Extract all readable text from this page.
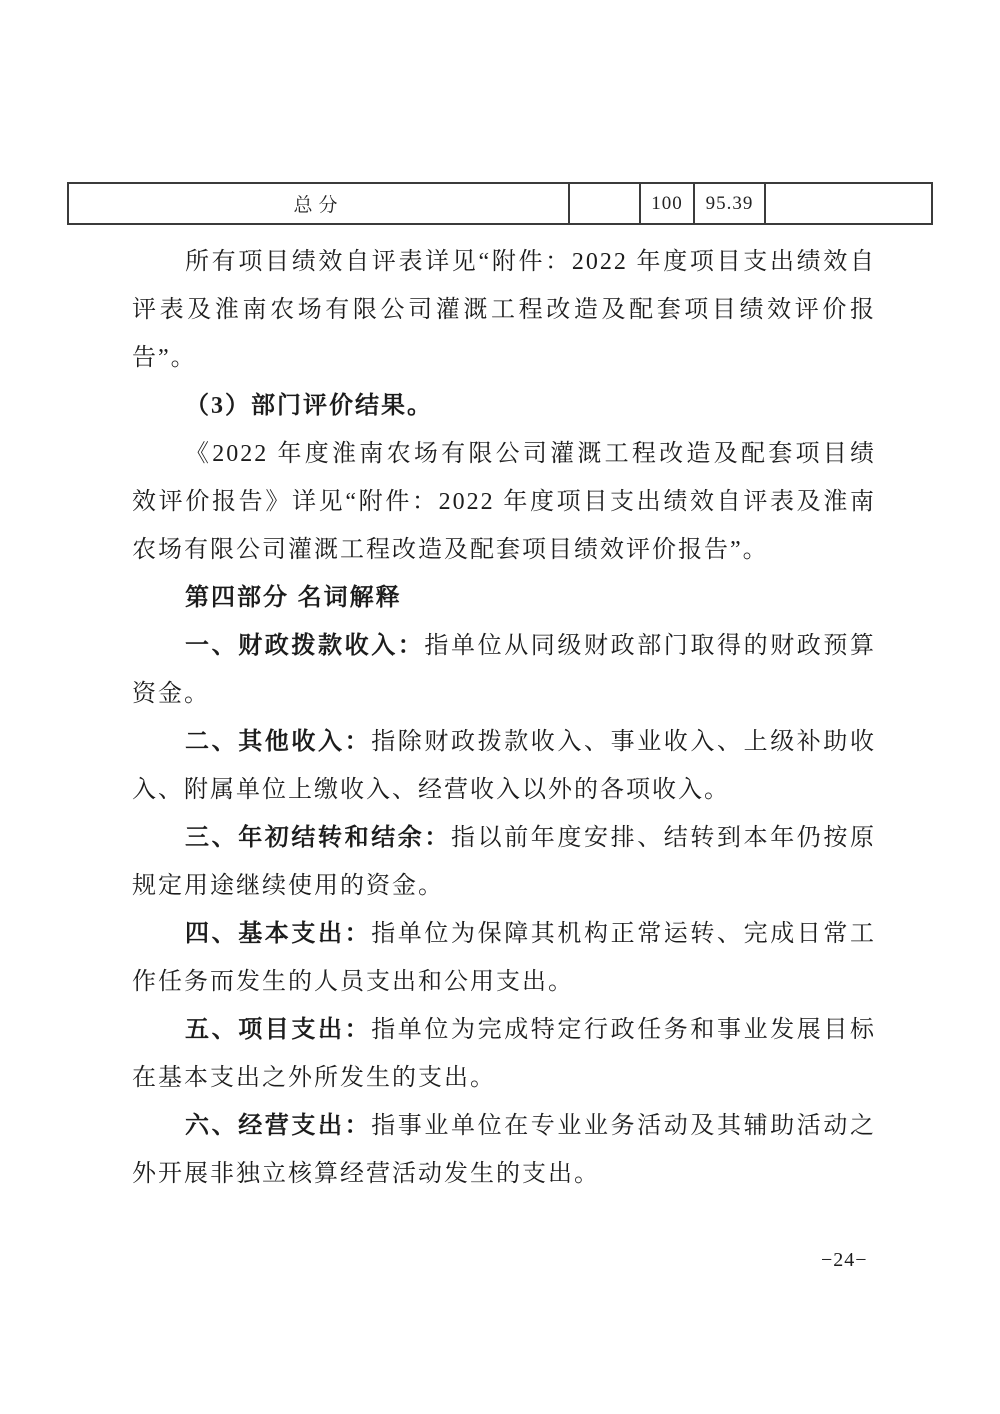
总分	100	95.39
所有项目绩效自评表详见“附件：2022 年度项目支出绩效自
评表及淮南农场有限公司灌溉工程改造及配套项目绩效评价报
告”。
（3）部门评价结果。
《2022 年度淮南农场有限公司灌溉工程改造及配套项目绩
效评价报告》详见“附件：2022 年度项目支出绩效自评表及淮南
农场有限公司灌溉工程改造及配套项目绩效评价报告”。
第四部分 名词解释
一、财政拨款收入：指单位从同级财政部门取得的财政预算
资金。
二、其他收入：指除财政拨款收入、事业收入、上级补助收
入、附属单位上缴收入、经营收入以外的各项收入。
三、年初结转和结余：指以前年度安排、结转到本年仍按原
规定用途继续使用的资金。
四、基本支出：指单位为保障其机构正常运转、完成日常工
作任务而发生的人员支出和公用支出。
五、项目支出：指单位为完成特定行政任务和事业发展目标
在基本支出之外所发生的支出。
六、经营支出：指事业单位在专业业务活动及其辅助活动之
外开展非独立核算经营活动发生的支出。
−24−
